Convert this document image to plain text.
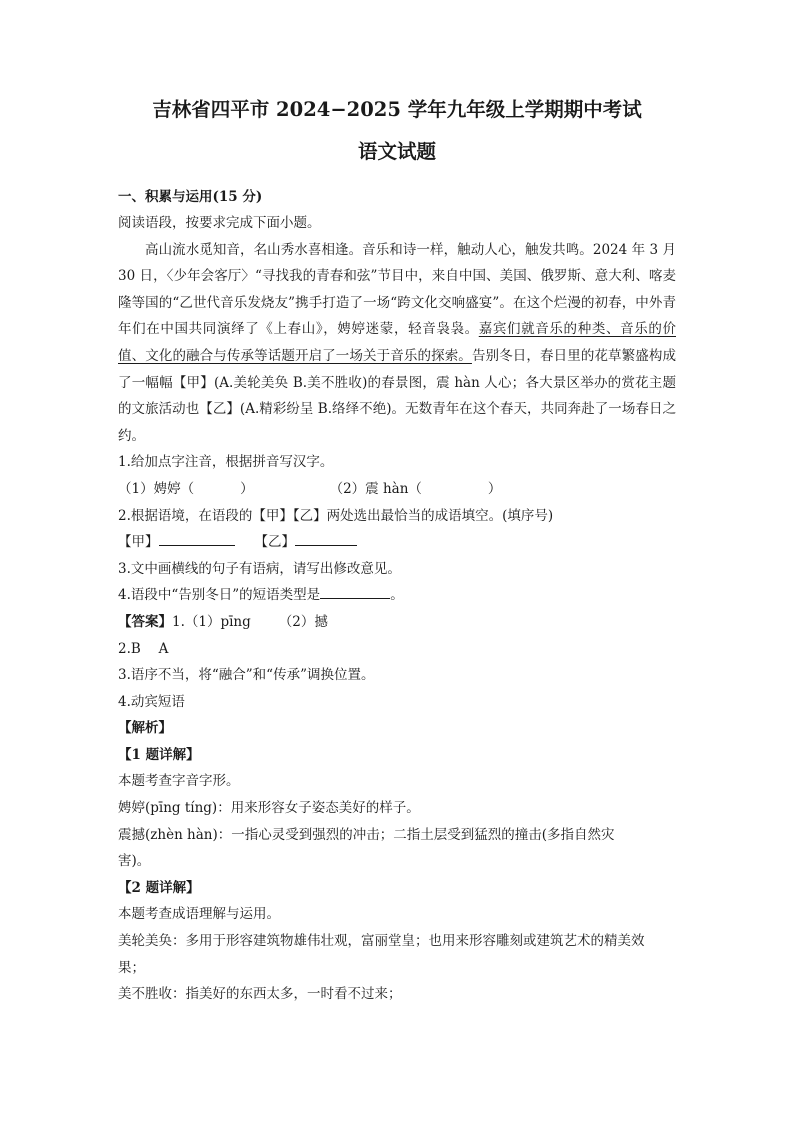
吉林省四平市 2024−2025 学年九年级上学期期中考试

语文试题

一、积累与运用(15 分)

阅读语段，按要求完成下面小题。

高山流水觅知音，名山秀水喜相逢。音乐和诗一样，触动人心，触发共鸣。2024 年 3 月 30 日，〈少年会客厅〉“寻找我的青春和弦”节目中，来自中国、美国、俄罗斯、意大利、喀麦隆等国的“乙世代音乐发烧友”携手打造了一场“跨文化交响盛宴”。在这个烂漫的初春，中外青年们在中国共同演绎了《上春山》，娉婷迷蒙，轻音袅袅。嘉宾们就音乐的种类、音乐的价值、文化的融合与传承等话题开启了一场关于音乐的探索。告别冬日，春日里的花草繁盛构成了一幅幅【甲】(A.美轮美奂 B.美不胜收)的春景图，震 hàn 人心；各大景区举办的赏花主题的文旅活动也【乙】(A.精彩纷呈 B.络绎不绝)。无数青年在这个春天，共同奔赴了一场春日之约。

1.给加点字注音，根据拼音写汉字。

（1）娉婷（	）	（2）震 hàn（	）

2.根据语境，在语段的【甲】【乙】两处选出最恰当的成语填空。(填序号)

【甲】	【乙】

3.文中画横线的句子有语病，请写出修改意见。

4.语段中“告别冬日”的短语类型是	。

【答案】1.（1）pīng （2）撼

2.B　 A

3.语序不当，将“融合”和“传承”调换位置。

4.动宾短语

【解析】

【1 题详解】

本题考查字音字形。

娉婷(pīng tíng)：用来形容女子姿态美好的样子。

震撼(zhèn hàn)：一指心灵受到强烈的冲击；二指土层受到猛烈的撞击(多指自然灾

害)。

【2 题详解】

本题考查成语理解与运用。

美轮美奂：多用于形容建筑物雄伟壮观，富丽堂皇；也用来形容雕刻或建筑艺术的精美效

果；

美不胜收：指美好的东西太多，一时看不过来；
